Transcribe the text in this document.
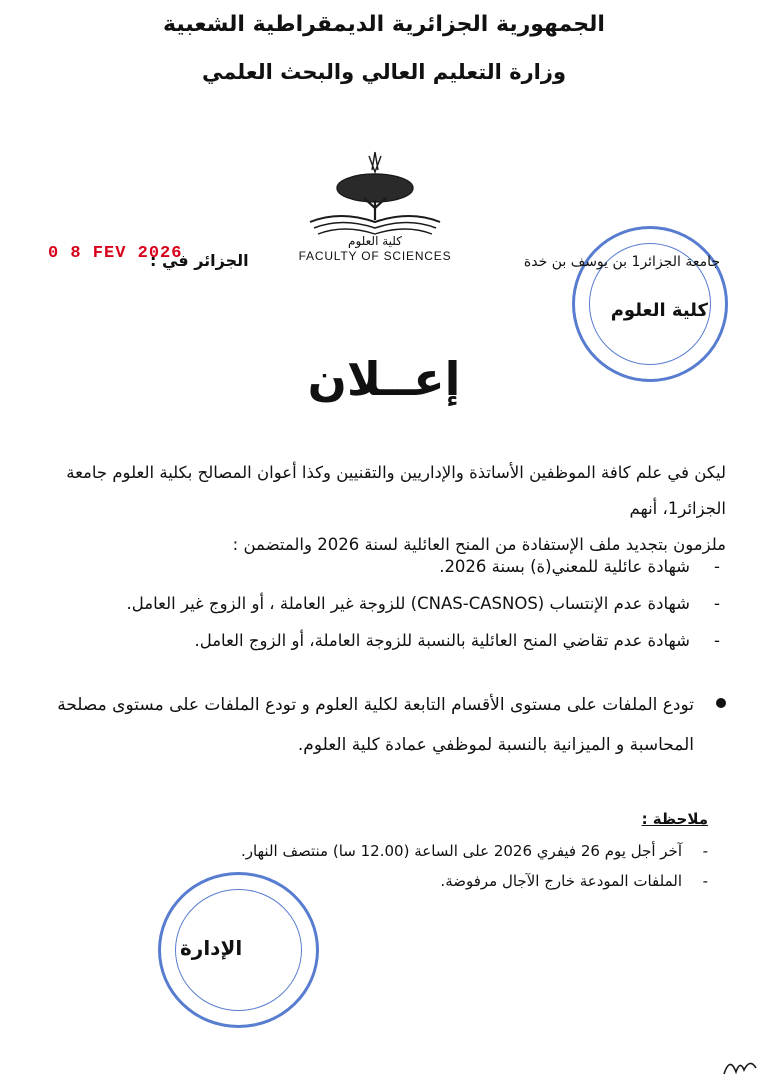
الجمهورية الجزائرية الديمقراطية الشعبية
وزارة التعليم العالي والبحث العلمي
كلية العلوم
FACULTY OF SCIENCES
الجزائر في :
0 8 FEV 2026	جامعة الجزائر1 بن يوسف بن خدة
كلية العلوم
إعــلان
ليكن في علم كافة الموظفين الأساتذة والإداريين والتقنيين وكذا أعوان المصالح بكلية العلوم جامعة الجزائر1، أنهم
ملزمون بتجديد ملف الإستفادة من المنح العائلية لسنة 2026 والمتضمن :
- شهادة عائلية للمعني(ة) بسنة 2026.
- شهادة عدم الإنتساب (CNAS-CASNOS) للزوجة غير العاملة ، أو الزوج غير العامل.
- شهادة عدم تقاضي المنح العائلية بالنسبة للزوجة العاملة، أو الزوج العامل.
تودع الملفات على مستوى الأقسام التابعة لكلية العلوم و تودع الملفات على مستوى مصلحة
المحاسبة و الميزانية بالنسبة لموظفي عمادة كلية العلوم.
ملاحظة :
- آخر أجل يوم 26 فيفري 2026 على الساعة (12.00 سا) منتصف النهار.
- الملفات المودعة خارج الآجال مرفوضة.
الإدارة
